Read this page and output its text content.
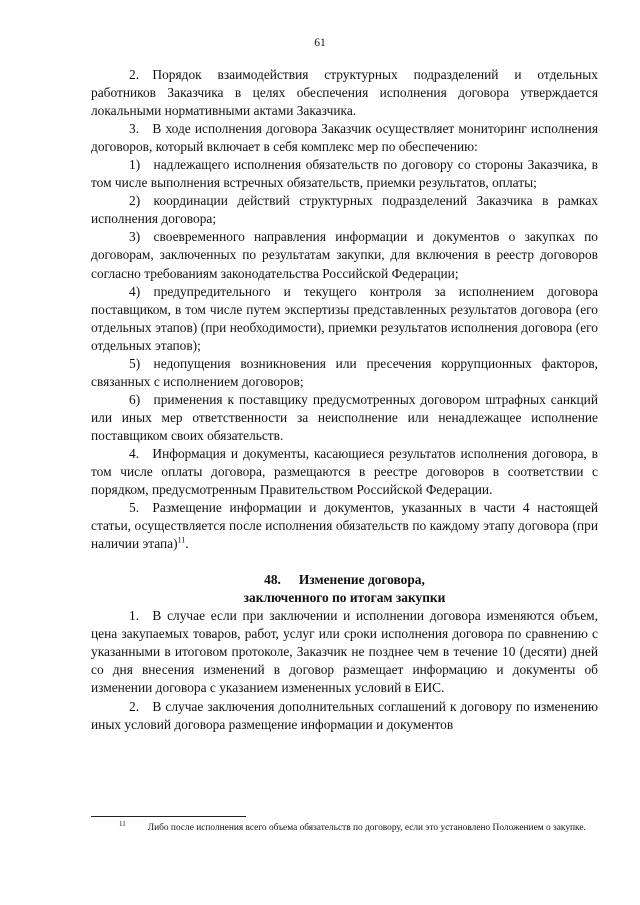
61

2. Порядок взаимодействия структурных подразделений и отдельных работников Заказчика в целях обеспечения исполнения договора утверждается локальными нормативными актами Заказчика.

3. В ходе исполнения договора Заказчик осуществляет мониторинг исполнения договоров, который включает в себя комплекс мер по обеспечению:

1) надлежащего исполнения обязательств по договору со стороны Заказчика, в том числе выполнения встречных обязательств, приемки результатов, оплаты;

2) координации действий структурных подразделений Заказчика в рамках исполнения договора;

3) своевременного направления информации и документов о закупках по договорам, заключенных по результатам закупки, для включения в реестр договоров согласно требованиям законодательства Российской Федерации;

4) предупредительного и текущего контроля за исполнением договора поставщиком, в том числе путем экспертизы представленных результатов договора (его отдельных этапов) (при необходимости), приемки результатов исполнения договора (его отдельных этапов);

5) недопущения возникновения или пресечения коррупционных факторов, связанных с исполнением договоров;

6) применения к поставщику предусмотренных договором штрафных санкций или иных мер ответственности за неисполнение или ненадлежащее исполнение поставщиком своих обязательств.

4. Информация и документы, касающиеся результатов исполнения договора, в том числе оплаты договора, размещаются в реестре договоров в соответствии с порядком, предусмотренным Правительством Российской Федерации.

5. Размещение информации и документов, указанных в части 4 настоящей статьи, осуществляется после исполнения обязательств по каждому этапу договора (при наличии этапа)$^{11}$.

48. Изменение договора,
заключенного по итогам закупки

1. В случае если при заключении и исполнении договора изменяются объем, цена закупаемых товаров, работ, услуг или сроки исполнения договора по сравнению с указанными в итоговом протоколе, Заказчик не позднее чем в течение 10 (десяти) дней со дня внесения изменений в договор размещает информацию и документы об изменении договора с указанием измененных условий в ЕИС.

2. В случае заключения дополнительных соглашений к договору по изменению иных условий договора размещение информации и документов

$^{11}$ Либо после исполнения всего объема обязательств по договору, если это установлено Положением о закупке.
